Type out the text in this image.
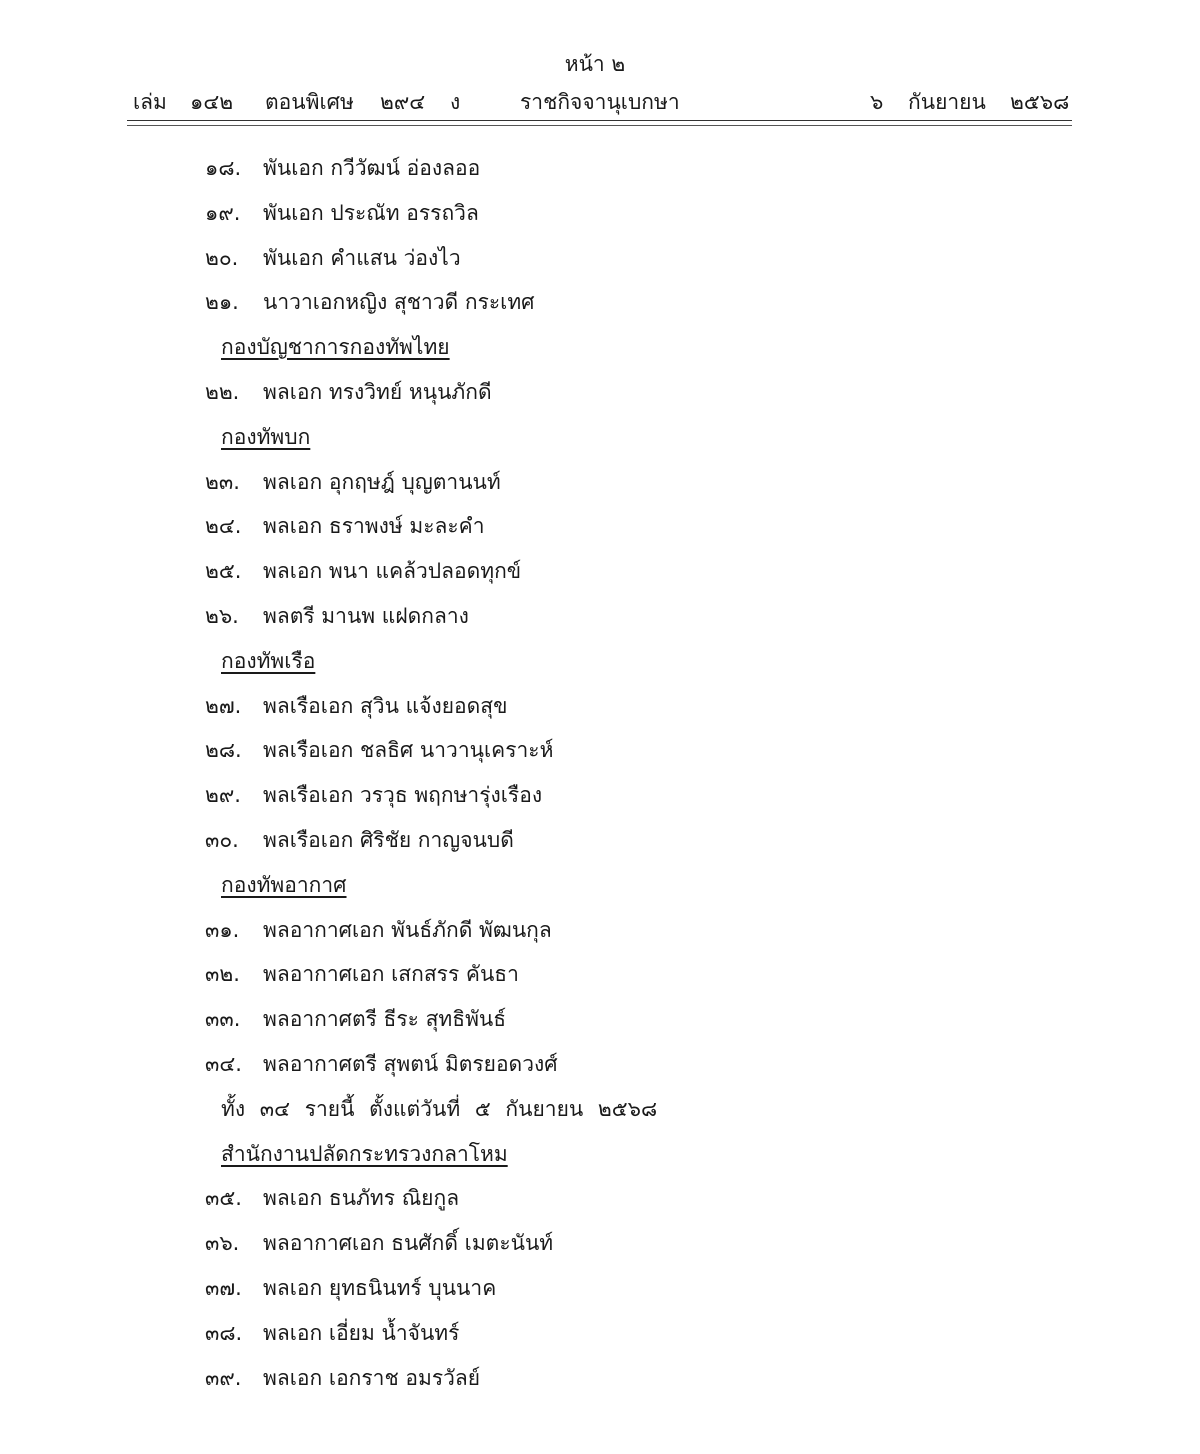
หน้า ๒
เล่ม ๑๔๒ ตอนพิเศษ ๒๙๔ ง	ราชกิจจานุเบกษา	๖ กันยายน ๒๕๖๘
๑๘. พันเอก กวีวัฒน์ อ่องลออ
๑๙. พันเอก ประณัท อรรถวิล
๒๐. พันเอก คำแสน ว่องไว
๒๑. นาวาเอกหญิง สุชาวดี กระเทศ
กองบัญชาการกองทัพไทย
๒๒. พลเอก ทรงวิทย์ หนุนภักดี
กองทัพบก
๒๓. พลเอก อุกฤษฎ์ บุญตานนท์
๒๔. พลเอก ธราพงษ์ มะละคำ
๒๕. พลเอก พนา แคล้วปลอดทุกข์
๒๖. พลตรี มานพ แฝดกลาง
กองทัพเรือ
๒๗. พลเรือเอก สุวิน แจ้งยอดสุข
๒๘. พลเรือเอก ชลธิศ นาวานุเคราะห์
๒๙. พลเรือเอก วรวุธ พฤกษารุ่งเรือง
๓๐. พลเรือเอก ศิริชัย กาญจนบดี
กองทัพอากาศ
๓๑. พลอากาศเอก พันธ์ภักดี พัฒนกุล
๓๒. พลอากาศเอก เสกสรร คันธา
๓๓. พลอากาศตรี ธีระ สุทธิพันธ์
๓๔. พลอากาศตรี สุพตน์ มิตรยอดวงศ์
ทั้ง ๓๔ รายนี้ ตั้งแต่วันที่ ๕ กันยายน ๒๕๖๘
สำนักงานปลัดกระทรวงกลาโหม
๓๕. พลเอก ธนภัทร ณิยกูล
๓๖. พลอากาศเอก ธนศักดิ์ เมตะนันท์
๓๗. พลเอก ยุทธนินทร์ บุนนาค
๓๘. พลเอก เอี่ยม น้ำจันทร์
๓๙. พลเอก เอกราช อมรวัลย์
